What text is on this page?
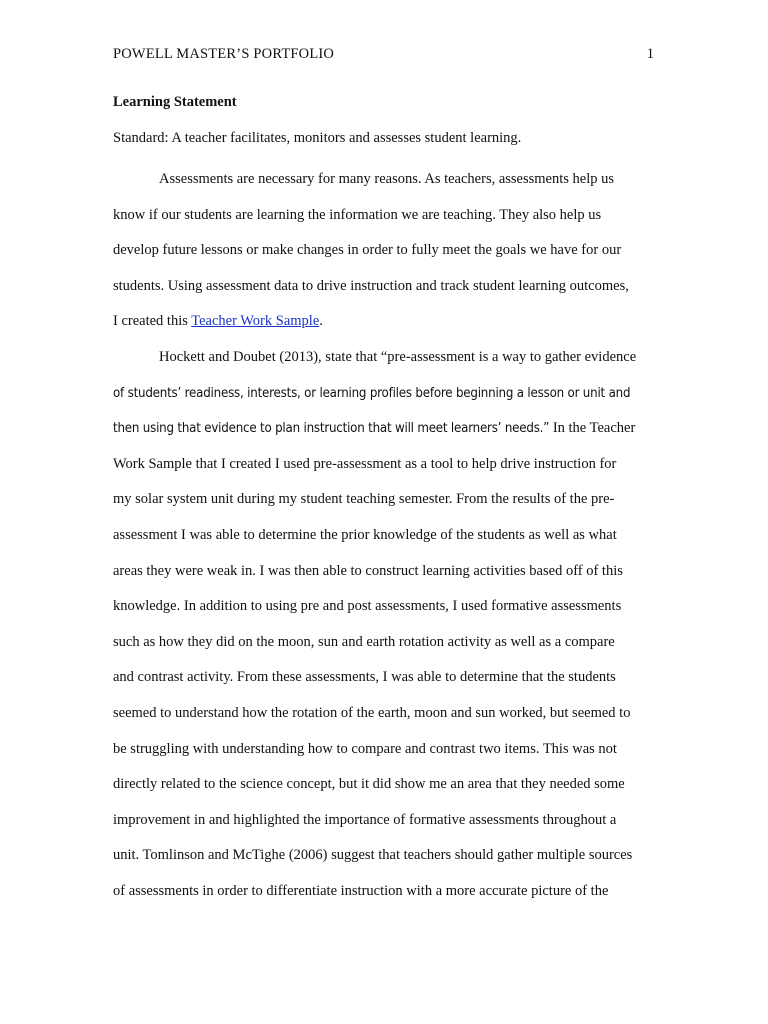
POWELL MASTER’S PORTFOLIO	1

Learning Statement

Standard: A teacher facilitates, monitors and assesses student learning.

Assessments are necessary for many reasons. As teachers, assessments help us
know if our students are learning the information we are teaching. They also help us
develop future lessons or make changes in order to fully meet the goals we have for our
students. Using assessment data to drive instruction and track student learning outcomes,
I created this Teacher Work Sample.
Hockett and Doubet (2013), state that “pre-assessment is a way to gather evidence
of students’ readiness, interests, or learning profiles before beginning a lesson or unit and
then using that evidence to plan instruction that will meet learners’ needs.” In the Teacher
Work Sample that I created I used pre-assessment as a tool to help drive instruction for
my solar system unit during my student teaching semester. From the results of the pre-
assessment I was able to determine the prior knowledge of the students as well as what
areas they were weak in. I was then able to construct learning activities based off of this
knowledge. In addition to using pre and post assessments, I used formative assessments
such as how they did on the moon, sun and earth rotation activity as well as a compare
and contrast activity. From these assessments, I was able to determine that the students
seemed to understand how the rotation of the earth, moon and sun worked, but seemed to
be struggling with understanding how to compare and contrast two items. This was not
directly related to the science concept, but it did show me an area that they needed some
improvement in and highlighted the importance of formative assessments throughout a
unit. Tomlinson and McTighe (2006) suggest that teachers should gather multiple sources
of assessments in order to differentiate instruction with a more accurate picture of the
